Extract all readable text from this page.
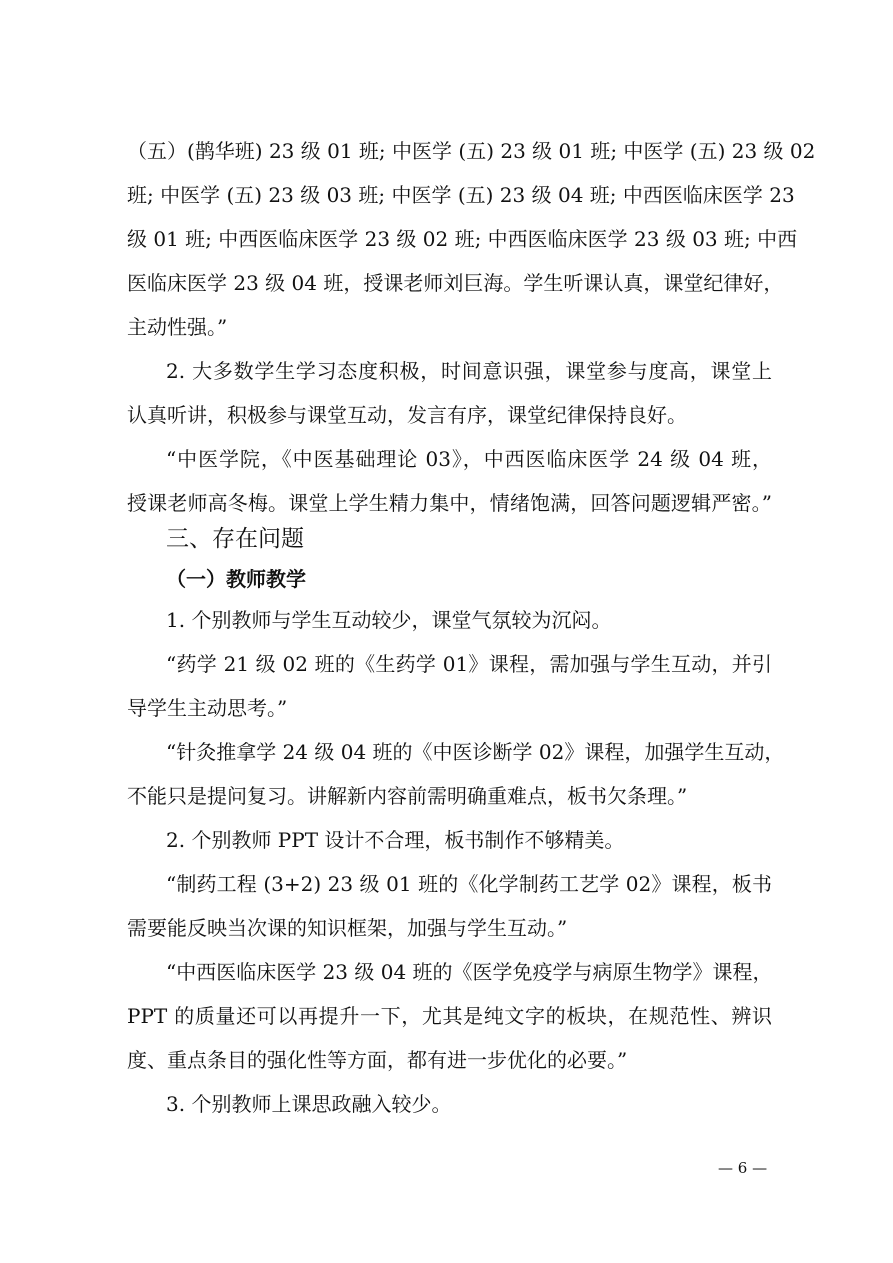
（五）(鹊华班) 23 级 01 班; 中医学 (五) 23 级 01 班; 中医学 (五) 23 级 02
班; 中医学 (五) 23 级 03 班; 中医学 (五) 23 级 04 班; 中西医临床医学 23
级 01 班; 中西医临床医学 23 级 02 班; 中西医临床医学 23 级 03 班; 中西
医临床医学 23 级 04 班，授课老师刘巨海。学生听课认真，课堂纪律好，
主动性强。”
2. 大多数学生学习态度积极，时间意识强，课堂参与度高，课堂上
认真听讲，积极参与课堂互动，发言有序，课堂纪律保持良好。
“中医学院，《中医基础理论 03》，中西医临床医学 24 级 04 班，
授课老师高冬梅。课堂上学生精力集中，情绪饱满，回答问题逻辑严密。”
三、存在问题
（一）教师教学
1. 个别教师与学生互动较少，课堂气氛较为沉闷。
“药学 21 级 02 班的《生药学 01》课程，需加强与学生互动，并引
导学生主动思考。”
“针灸推拿学 24 级 04 班的《中医诊断学 02》课程，加强学生互动，
不能只是提问复习。讲解新内容前需明确重难点，板书欠条理。”
2. 个别教师 PPT 设计不合理，板书制作不够精美。
“制药工程 (3+2) 23 级 01 班的《化学制药工艺学 02》课程，板书
需要能反映当次课的知识框架，加强与学生互动。”
“中西医临床医学 23 级 04 班的《医学免疫学与病原生物学》课程，
PPT 的质量还可以再提升一下，尤其是纯文字的板块，在规范性、辨识
度、重点条目的强化性等方面，都有进一步优化的必要。”
3. 个别教师上课思政融入较少。
— 6 —
